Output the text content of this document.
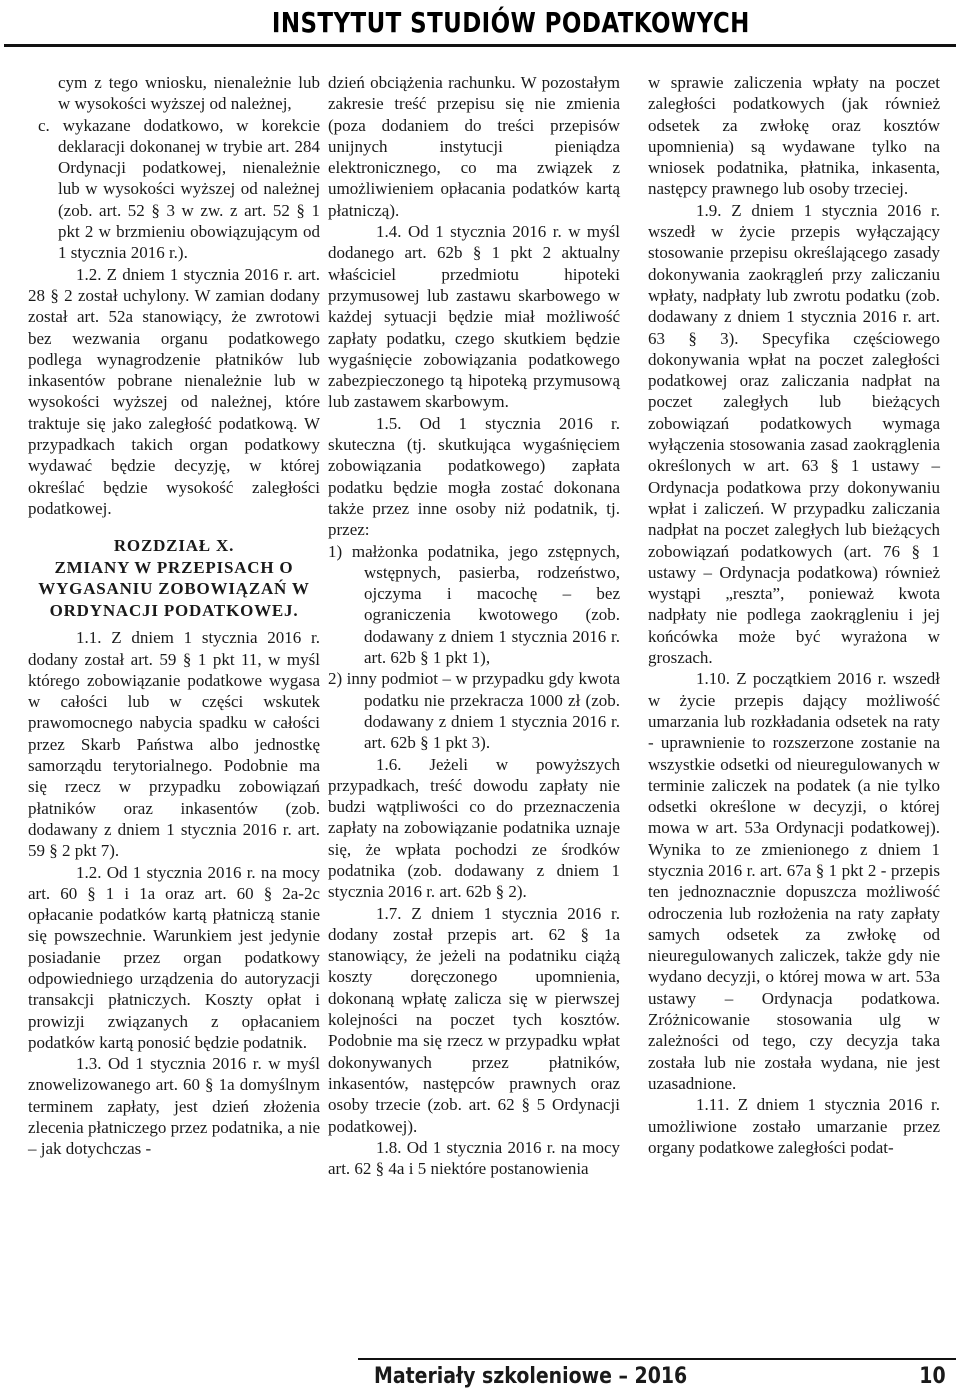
INSTYTUT STUDIÓW PODATKOWYCH

cym z tego wniosku, nienależnie lub w wysokości wyższej od należnej,

c. wykazane dodatkowo, w korekcie deklaracji dokonanej w trybie art. 284 Ordynacji podatkowej, nienależnie lub w wysokości wyższej od należnej (zob. art. 52 § 3 w zw. z art. 52 § 1 pkt 2 w brzmieniu obowiązującym od 1 stycznia 2016 r.).

1.2. Z dniem 1 stycznia 2016 r. art. 28 § 2 został uchylony. W zamian dodany został art. 52a stanowiący, że zwrotowi bez wezwania organu podatkowego podlega wynagrodzenie płatników lub inkasentów pobrane nienależnie lub w wysokości wyższej od należnej, które traktuje się jako zaległość podatkową. W przypadkach takich organ podatkowy wydawać będzie decyzję, w której określać będzie wysokość zaległości podatkowej.

ROZDZIAŁ X.

ZMIANY W PRZEPISACH O WYGASANIU ZOBOWIĄZAŃ W ORDYNACJI PODATKOWEJ.

1.1. Z dniem 1 stycznia 2016 r. dodany został art. 59 § 1 pkt 11, w myśl którego zobowiązanie podatkowe wygasa w całości lub w części wskutek prawomocnego nabycia spadku w całości przez Skarb Państwa albo jednostkę samorządu terytorialnego. Podobnie ma się rzecz w przypadku zobowiązań płatników oraz inkasentów (zob. dodawany z dniem 1 stycznia 2016 r. art. 59 § 2 pkt 7).

1.2. Od 1 stycznia 2016 r. na mocy art. 60 § 1 i 1a oraz art. 60 § 2a-2c opłacanie podatków kartą płatniczą stanie się powszechnie. Warunkiem jest jedynie posiadanie przez organ podatkowy odpowiedniego urządzenia do autoryzacji transakcji płatniczych. Koszty opłat i prowizji związanych z opłacaniem podatków kartą ponosić będzie podatnik.

1.3. Od 1 stycznia 2016 r. w myśl znowelizowanego art. 60 § 1a domyślnym terminem zapłaty, jest dzień złożenia zlecenia płatniczego przez podatnika, a nie – jak dotychczas -

dzień obciążenia rachunku. W pozostałym zakresie treść przepisu się nie zmienia (poza dodaniem do treści przepisów unijnych instytucji pieniądza elektronicznego, co ma związek z umożliwieniem opłacania podatków kartą płatniczą).

1.4. Od 1 stycznia 2016 r. w myśl dodanego art. 62b § 1 pkt 2 aktualny właściciel przedmiotu hipoteki przymusowej lub zastawu skarbowego w każdej sytuacji będzie miał możliwość zapłaty podatku, czego skutkiem będzie wygaśnięcie zobowiązania podatkowego zabezpieczonego tą hipoteką przymusową lub zastawem skarbowym.

1.5. Od 1 stycznia 2016 r. skuteczna (tj. skutkująca wygaśnięciem zobowiązania podatkowego) zapłata podatku będzie mogła zostać dokonana także przez inne osoby niż podatnik, tj. przez:

1) małżonka podatnika, jego zstępnych, wstępnych, pasierba, rodzeństwo, ojczyma i macochę – bez ograniczenia kwotowego (zob. dodawany z dniem 1 stycznia 2016 r. art. 62b § 1 pkt 1),

2) inny podmiot – w przypadku gdy kwota podatku nie przekracza 1000 zł (zob. dodawany z dniem 1 stycznia 2016 r. art. 62b § 1 pkt 3).

1.6. Jeżeli w powyższych przypadkach, treść dowodu zapłaty nie budzi wątpliwości co do przeznaczenia zapłaty na zobowiązanie podatnika uznaje się, że wpłata pochodzi ze środków podatnika (zob. dodawany z dniem 1 stycznia 2016 r. art. 62b § 2).

1.7. Z dniem 1 stycznia 2016 r. dodany został przepis art. 62 § 1a stanowiący, że jeżeli na podatniku ciążą koszty doręczonego upomnienia, dokonaną wpłatę zalicza się w pierwszej kolejności na poczet tych kosztów. Podobnie ma się rzecz w przypadku wpłat dokonywanych przez płatników, inkasentów, następców prawnych oraz osoby trzecie (zob. art. 62 § 5 Ordynacji podatkowej).

1.8. Od 1 stycznia 2016 r. na mocy art. 62 § 4a i 5 niektóre postanowienia

w sprawie zaliczenia wpłaty na poczet zaległości podatkowych (jak również odsetek za zwłokę oraz kosztów upomnienia) są wydawane tylko na wniosek podatnika, płatnika, inkasenta, następcy prawnego lub osoby trzeciej.

1.9. Z dniem 1 stycznia 2016 r. wszedł w życie przepis wyłączający stosowanie przepisu określającego zasady dokonywania zaokrągleń przy zaliczaniu wpłaty, nadpłaty lub zwrotu podatku (zob. dodawany z dniem 1 stycznia 2016 r. art. 63 § 3). Specyfika częściowego dokonywania wpłat na poczet zaległości podatkowej oraz zaliczania nadpłat na poczet zaległych lub bieżących zobowiązań podatkowych wymaga wyłączenia stosowania zasad zaokrąglenia określonych w art. 63 § 1 ustawy – Ordynacja podatkowa przy dokonywaniu wpłat i zaliczeń. W przypadku zaliczania nadpłat na poczet zaległych lub bieżących zobowiązań podatkowych (art. 76 § 1 ustawy – Ordynacja podatkowa) również wystąpi „reszta”, ponieważ kwota nadpłaty nie podlega zaokrągleniu i jej końcówka może być wyrażona w groszach.

1.10. Z początkiem 2016 r. wszedł w życie przepis dający możliwość umarzania lub rozkładania odsetek na raty - uprawnienie to rozszerzone zostanie na wszystkie odsetki od nieuregulowanych w terminie zaliczek na podatek (a nie tylko odsetki określone w decyzji, o której mowa w art. 53a Ordynacji podatkowej). Wynika to ze zmienionego z dniem 1 stycznia 2016 r. art. 67a § 1 pkt 2 - przepis ten jednoznacznie dopuszcza możliwość odroczenia lub rozłożenia na raty zapłaty samych odsetek za zwłokę od nieuregulowanych zaliczek, także gdy nie wydano decyzji, o której mowa w art. 53a ustawy – Ordynacja podatkowa. Zróżnicowanie stosowania ulg w zależności od tego, czy decyzja taka została lub nie została wydana, nie jest uzasadnione.

1.11. Z dniem 1 stycznia 2016 r. umożliwione zostało umarzanie przez organy podatkowe zaległości podat-

Materiały szkoleniowe – 2016	10
